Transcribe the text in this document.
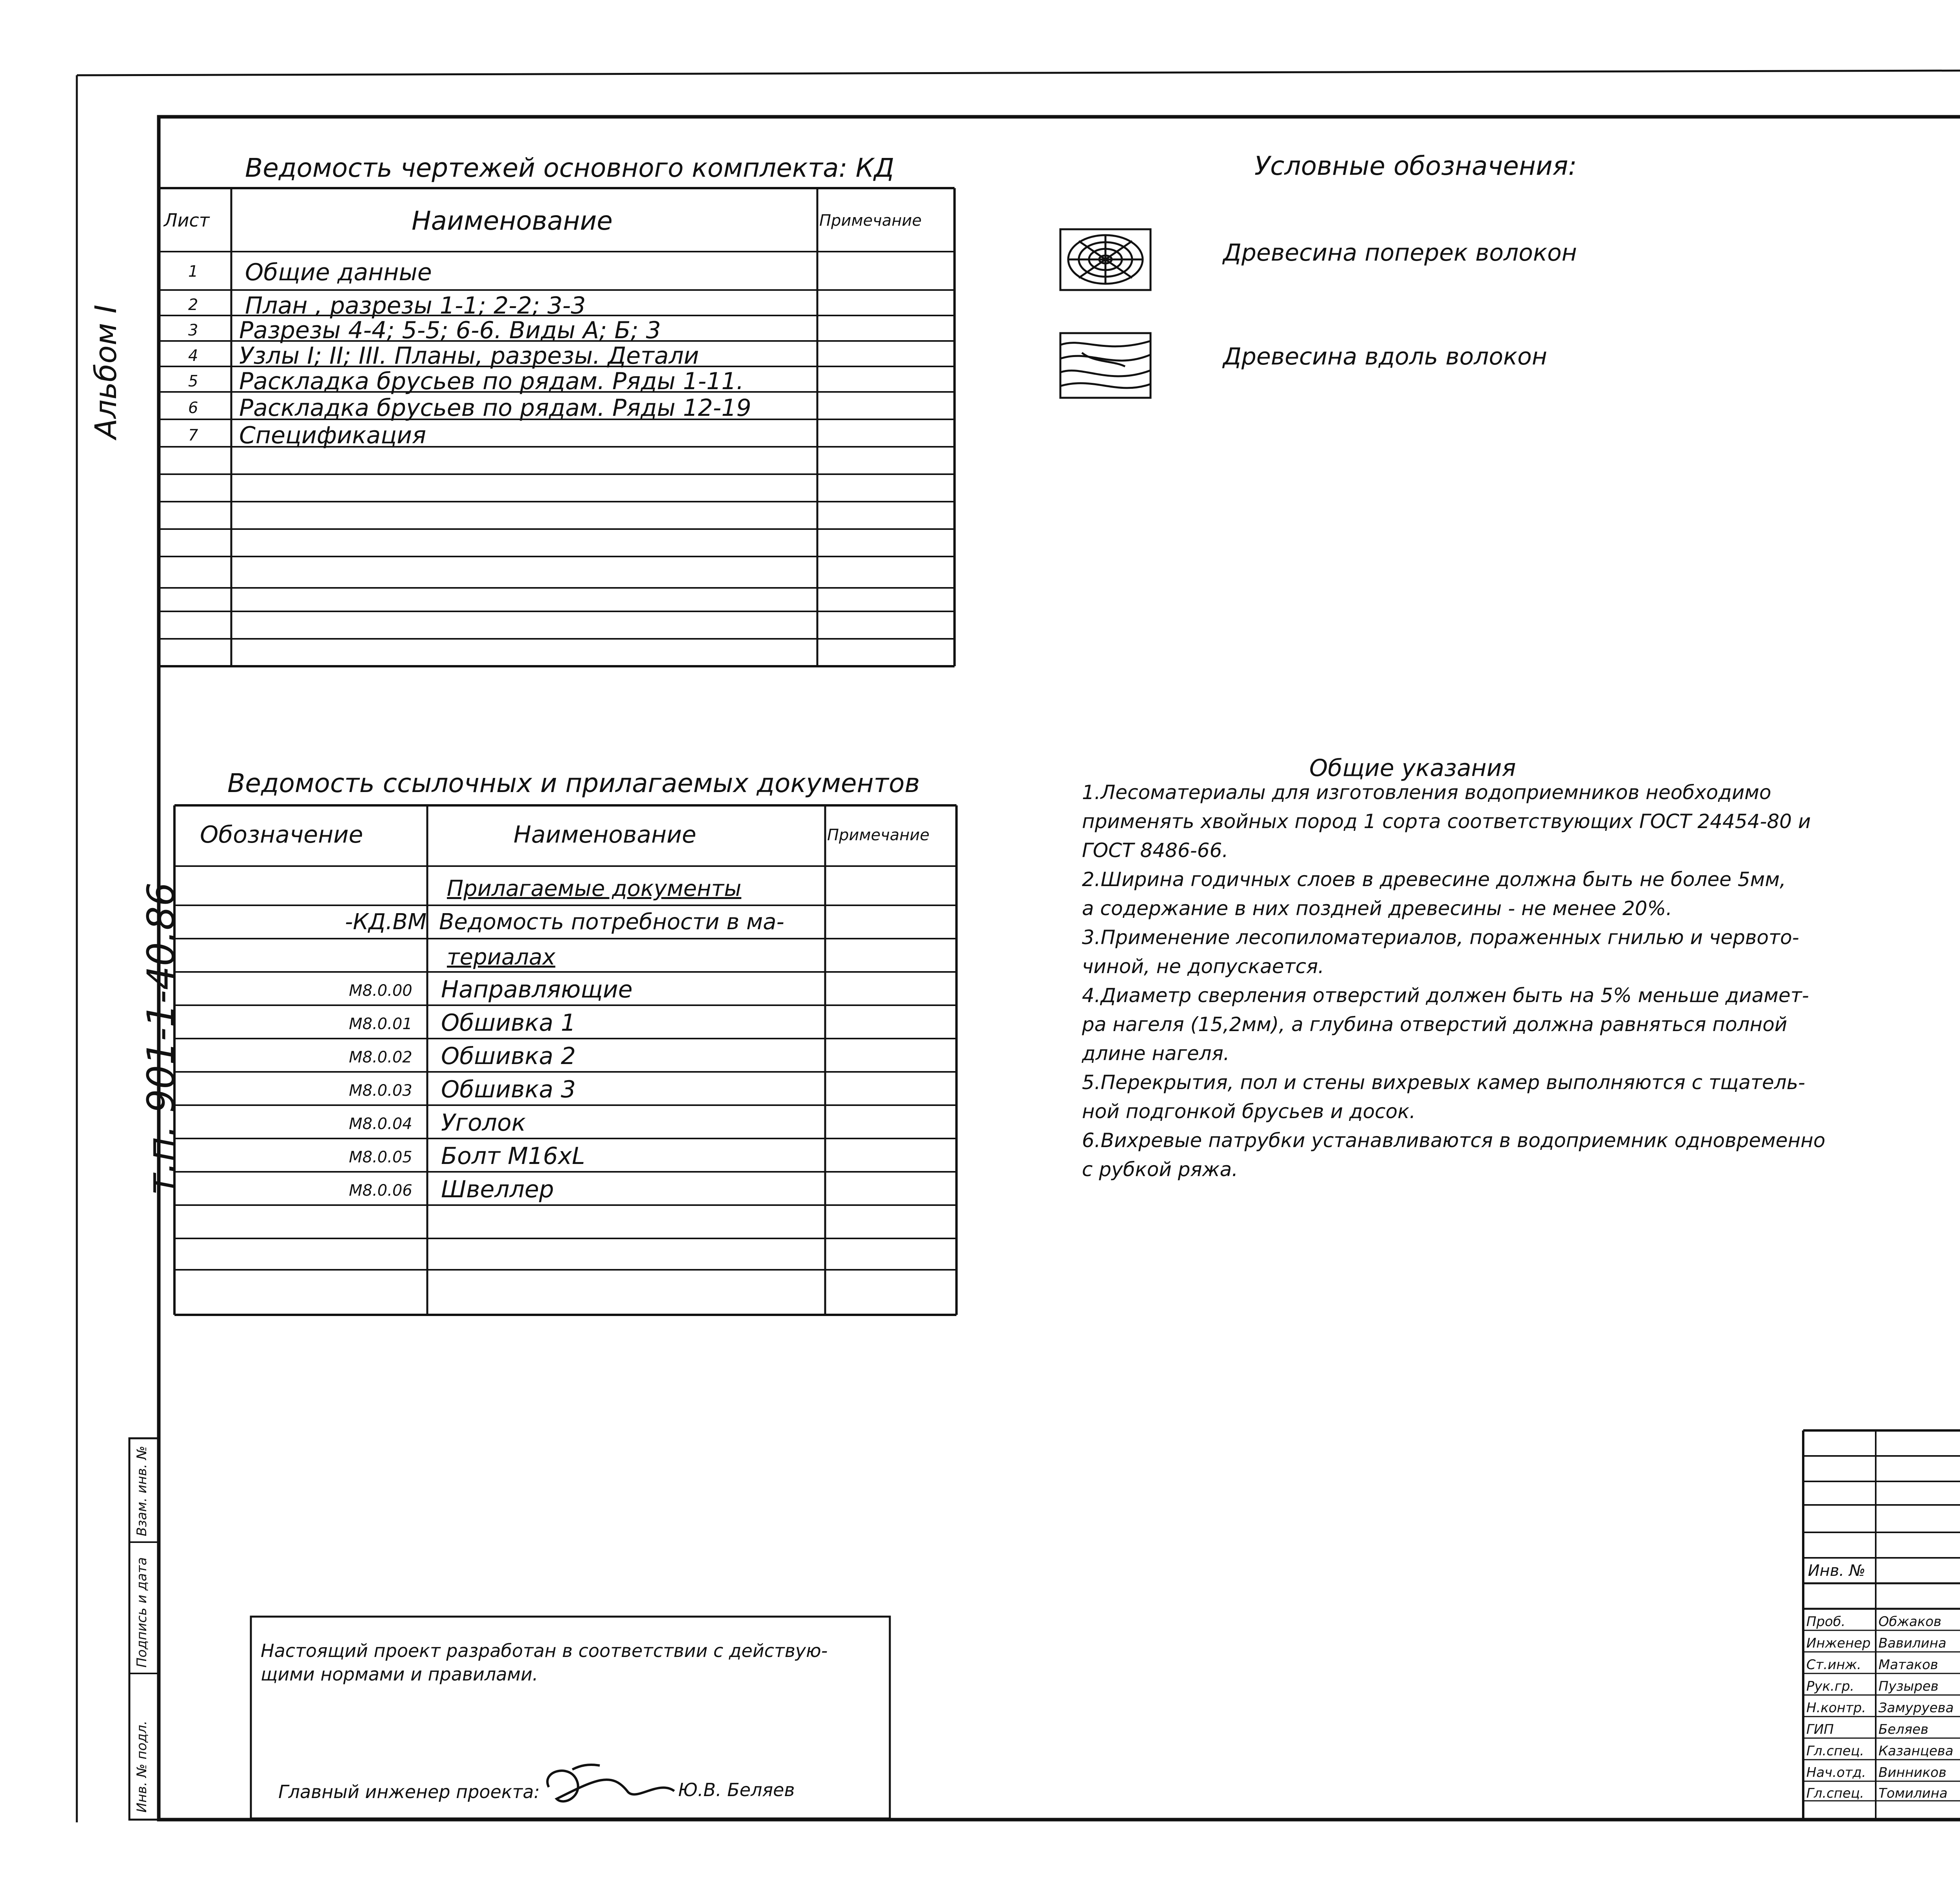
Альбом I
т.п. 901-1-40.86
Ведомость чертежей основного комплекта: КД
Лист	Наименование	Примечание
1 Общие данные
2 План , разрезы 1-1; 2-2; 3-3
3 Разрезы 4-4; 5-5; 6-6. Виды А; Б; 3
4 Узлы I; II; III. Планы, разрезы. Детали
5 Раскладка брусьев по рядам. Ряды 1-11.
6 Раскладка брусьев по рядам. Ряды 12-19
7 Спецификация
Условные обозначения:
Древесина поперек волокон
Древесина вдоль волокон
Ведомость ссылочных и прилагаемых документов
Обозначение	Наименование	Примечание
Прилагаемые документы
-КД.ВМ Ведомость потребности в ма-
териалах
М8.0.00 Направляющие
М8.0.01 Обшивка 1
М8.0.02 Обшивка 2
М8.0.03 Обшивка 3
М8.0.04 Уголок
М8.0.05 Болт М16xL
М8.0.06 Швеллер
Общие указания

1.Лесоматериалы для изготовления водоприемников необходимо

применять хвойных пород 1 сорта соответствующих ГОСТ 24454-80 и

ГОСТ 8486-66.

2.Ширина годичных слоев в древесине должна быть не более 5мм,

а содержание в них поздней древесины - не менее 20%.

3.Применение лесопиломатериалов, пораженных гнилью и червото-

чиной, не допускается.

4.Диаметр сверления отверстий должен быть на 5% меньше диамет-

ра нагеля (15,2мм), а глубина отверстий должна равняться полной

длине нагеля.

5.Перекрытия, пол и стены вихревых камер выполняются с тщатель-

ной подгонкой брусьев и досок.

6.Вихревые патрубки устанавливаются в водоприемник одновременно

с рубкой ряжа.

Настоящий проект разработан в соответствии с действую-
щими нормами и правилами.
Главный инженер проекта:	Ю.В. Беляев
Инв. № подл.
Подпись и дата
Взам. инв. №
Инв. №
Проб. Обжаков
Инженер Вавилина
Ст.инж. Матаков
Рук.гр. Пузырев
Н.контр. Замуруева
ГИП	Беляев
Гл.спец. Казанцева
Нач.отд. Винников
Гл.спец. Томилина
